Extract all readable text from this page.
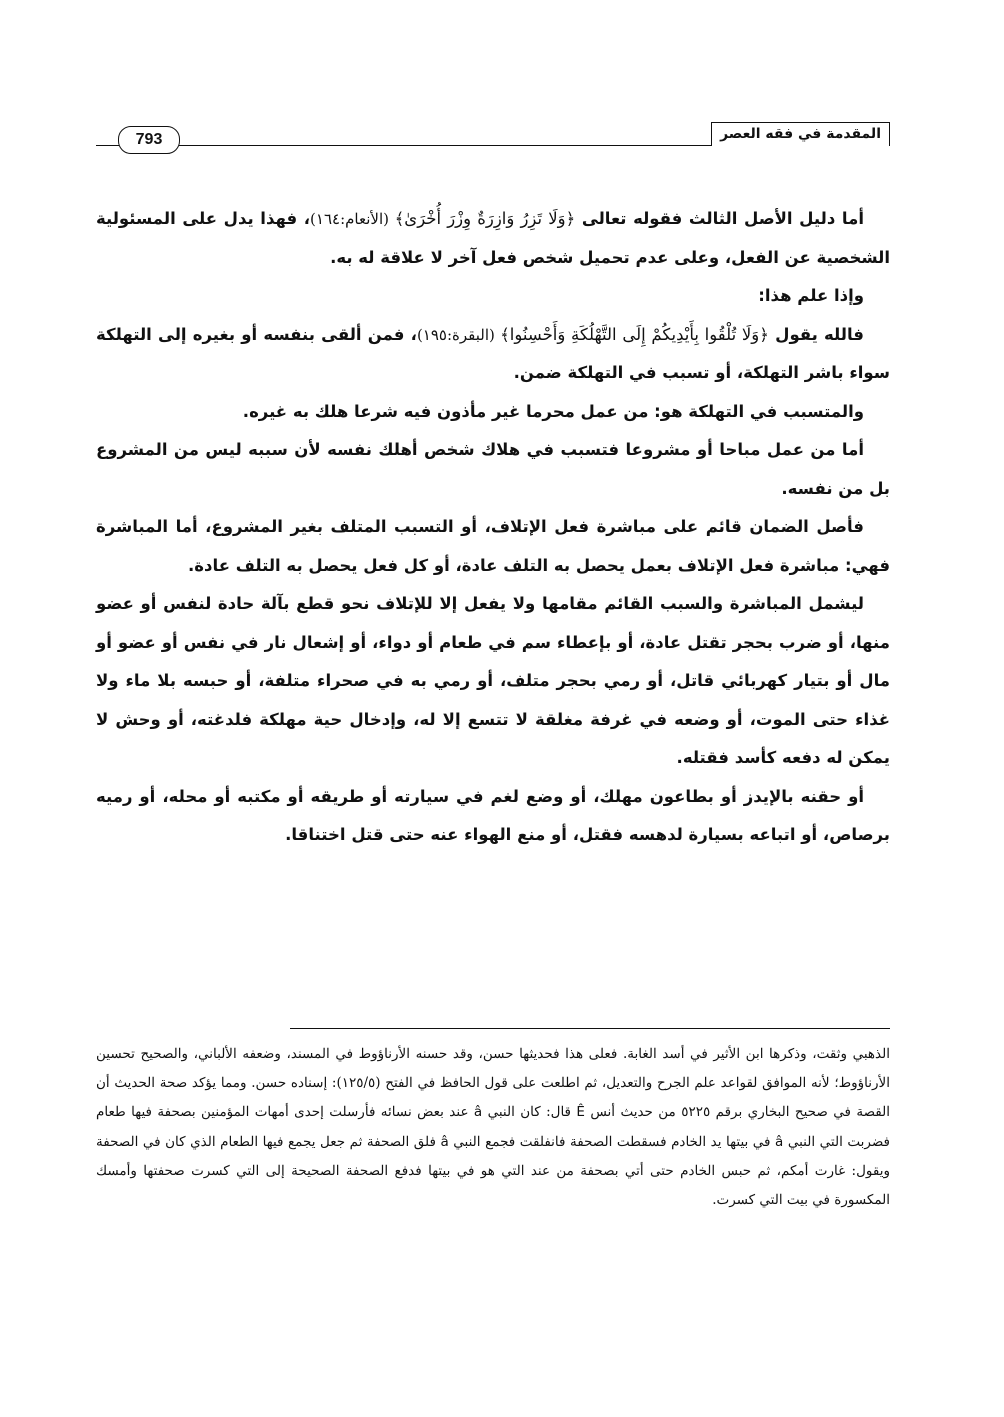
المقدمة في فقه العصر
793

أما دليل الأصل الثالث فقوله تعالى ﴿وَلَا تَزِرُ وَازِرَةٌ وِزْرَ أُخْرَىٰ﴾ (الأنعام:١٦٤)، فهذا يدل على المسئولية الشخصية عن الفعل، وعلى عدم تحميل شخص فعل آخر لا علاقة له به.

وإذا علم هذا:

فالله يقول ﴿وَلَا تُلْقُوا بِأَيْدِيكُمْ إِلَى التَّهْلُكَةِ وَأَحْسِنُوا﴾ (البقرة:١٩٥)، فمن ألقى بنفسه أو بغيره إلى التهلكة سواء باشر التهلكة، أو تسبب في التهلكة ضمن.

والمتسبب في التهلكة هو: من عمل محرما غير مأذون فيه شرعا هلك به غيره.

أما من عمل مباحا أو مشروعا فتسبب في هلاك شخص أهلك نفسه لأن سببه ليس من المشروع بل من نفسه.

فأصل الضمان قائم على مباشرة فعل الإتلاف، أو التسبب المتلف بغير المشروع، أما المباشرة فهي: مباشرة فعل الإتلاف بعمل يحصل به التلف عادة، أو كل فعل يحصل به التلف عادة.

ليشمل المباشرة والسبب القائم مقامها ولا يفعل إلا للإتلاف نحو قطع بآلة حادة لنفس أو عضو منها، أو ضرب بحجر تقتل عادة، أو بإعطاء سم في طعام أو دواء، أو إشعال نار في نفس أو عضو أو مال أو بتيار كهربائي قاتل، أو رمي بحجر متلف، أو رمي به في صحراء متلفة، أو حبسه بلا ماء ولا غذاء حتى الموت، أو وضعه في غرفة مغلقة لا تتسع إلا له، وإدخال حية مهلكة فلدغته، أو وحش لا يمكن له دفعه كأسد فقتله.

أو حقنه بالإيدز أو بطاعون مهلك، أو وضع لغم في سيارته أو طريقه أو مكتبه أو محله، أو رميه برصاص، أو اتباعه بسيارة لدهسه فقتل، أو منع الهواء عنه حتى قتل اختناقا.

الذهبي وثقت، وذكرها ابن الأثير في أسد الغابة. فعلى هذا فحديثها حسن، وقد حسنه الأرناؤوط في المسند، وضعفه الألباني، والصحيح تحسين الأرناؤوط؛ لأنه الموافق لقواعد علم الجرح والتعديل، ثم اطلعت على قول الحافظ في الفتح (١٢٥/٥): إسناده حسن. ومما يؤكد صحة الحديث أن القصة في صحيح البخاري برقم ٥٢٢٥ من حديث أنس Ê قال: كان النبي â عند بعض نسائه فأرسلت إحدى أمهات المؤمنين بصحفة فيها طعام فضربت التي النبي â في بيتها يد الخادم فسقطت الصحفة فانفلقت فجمع النبي â فلق الصحفة ثم جعل يجمع فيها الطعام الذي كان في الصحفة ويقول: غارت أمكم، ثم حبس الخادم حتى أتي بصحفة من عند التي هو في بيتها فدفع الصحفة الصحيحة إلى التي كسرت صحفتها وأمسك المكسورة في بيت التي كسرت.
